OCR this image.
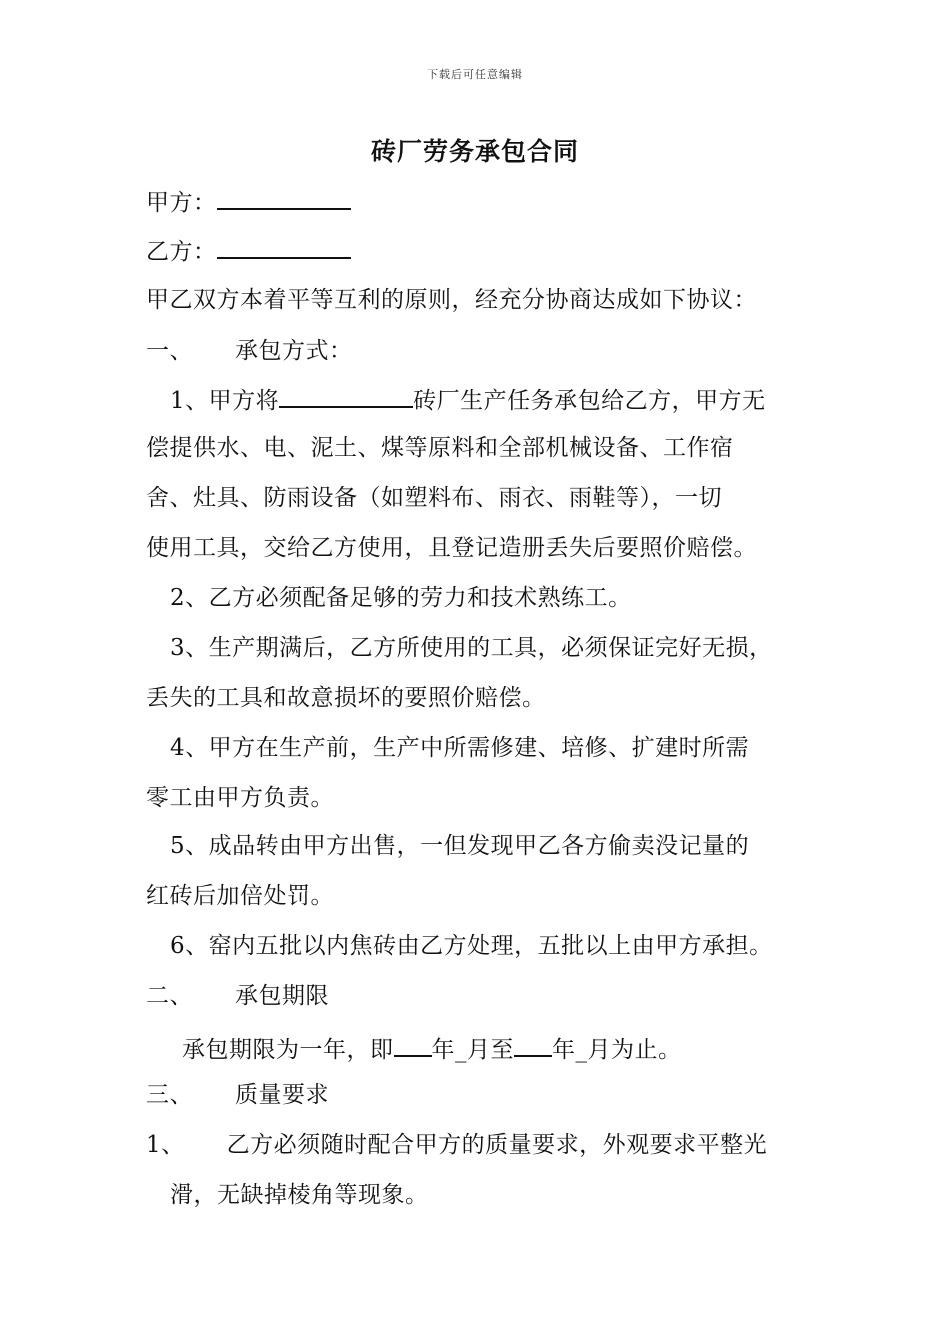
下载后可任意编辑
砖厂劳务承包合同
甲方：
乙方：
甲乙双方本着平等互利的原则，经充分协商达成如下协议：
一、 承包方式：
1、甲方将	砖厂生产任务承包给乙方，甲方无
偿提供水、电、泥土、煤等原料和全部机械设备、工作宿
舍、灶具、防雨设备（如塑料布、雨衣、雨鞋等），一切
使用工具，交给乙方使用，且登记造册丢失后要照价赔偿。
2、乙方必须配备足够的劳力和技术熟练工。
3、生产期满后，乙方所使用的工具，必须保证完好无损，
丢失的工具和故意损坏的要照价赔偿。
4、甲方在生产前，生产中所需修建、培修、扩建时所需
零工由甲方负责。
5、成品转由甲方出售，一但发现甲乙各方偷卖没记量的
红砖后加倍处罚。
6、窑内五批以内焦砖由乙方处理，五批以上由甲方承担。
二、 承包期限
承包期限为一年，即 年_月至 年_月为止。
三、 质量要求
1、 乙方必须随时配合甲方的质量要求，外观要求平整光
滑，无缺掉棱角等现象。
